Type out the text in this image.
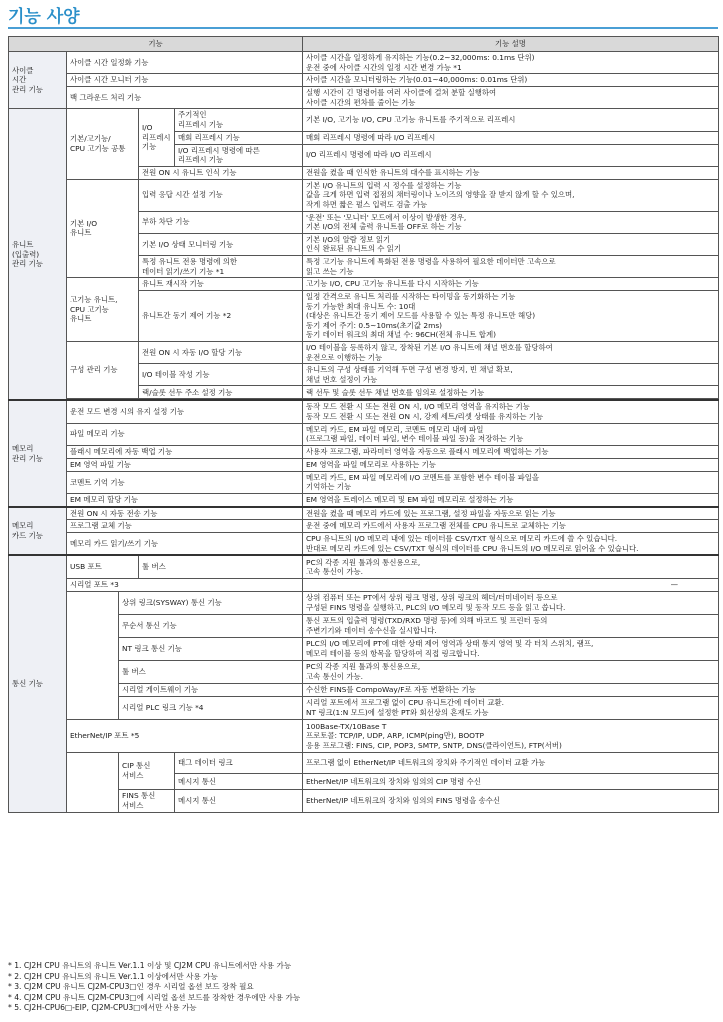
기능 사양
기능					기능 설명
사이클
시간
관리 기능	사이클 시간 일정화 기능				사이클 시간을 일정하게 유지하는 기능(0.2~32,000ms: 0.1ms 단위)
운전 중에 사이클 시간의 일정 시간 변경 가능 *1
	사이클 시간 모니터 기능				사이클 시간을 모니터링하는 기능(0.01~40,000ms: 0.01ms 단위)
	백 그라운드 처리 기능				실행 시간이 긴 명령어를 여러 사이클에 걸쳐 분할 실행하여
사이클 시간의 편차를 줄이는 기능
유니트
(입출력)
관리 기능	기본/고기능/
CPU 고기능 공통		I/O
리프레시
기능	주기적인
리프레시 기능	기본 I/O, 고기능 I/O, CPU 고기능 유니트를 주기적으로 리프레시
				매회 리프레시 기능	매회 리프레시 명령에 따라 I/O 리프레시
				I/O 리프레시 명령에 따른
리프레시 기능	I/O 리프레시 명령에 따라 I/O 리프레시
			전원 ON 시 유니트 인식 기능		전원을 켰을 때 인식한 유니트의 대수를 표시하는 기능
	기본 I/O
유니트		입력 응답 시간 설정 기능		기본 I/O 유니트의 입력 시 정수를 설정하는 기능
값을 크게 하면 입력 접점의 채터링이나 노이즈의 영향을 잘 받지 않게 할 수 있으며,
작게 하면 짧은 펄스 입력도 검출 가능
			부하 차단 기능		'운전' 또는 '모니터' 모드에서 이상이 발생한 경우,
기본 I/O의 전체 출력 유니트를 OFF로 하는 기능
			기본 I/O 상태 모니터링 기능		기본 I/O의 알람 정보 읽기
인식 완료된 유니트의 수 읽기
			특정 유니트 전용 명령에 의한
데이터 읽기/쓰기 기능 *1		특정 고기능 유니트에 특화된 전용 명령을 사용하여 필요한 데이터만 고속으로
읽고 쓰는 기능
	고기능 유니트,
CPU 고기능
유니트		유니트 재시작 기능		고기능 I/O, CPU 고기능 유니트를 다시 시작하는 기능
			유니트간 동기 제어 기능 *2		일정 간격으로 유니트 처리를 시작하는 타이밍을 동기화하는 기능
동기 가능한 최대 유니트 수: 10대
(대상은 유니트간 동기 제어 모드를 사용할 수 있는 특정 유니트만 해당)
동기 제어 주기: 0.5~10ms(초기값 2ms)
동기 데이터 워크의 최대 채널 수: 96CH(전체 유니트 합계)
	구성 관리 기능		전원 ON 시 자동 I/O 할당 기능		I/O 테이블을 등록하지 않고, 장착된 기본 I/O 유니트에 채널 번호를 할당하여
운전으로 이행하는 기능
			I/O 테이블 작성 기능		유니트의 구성 상태를 기억해 두면 구성 변경 방지, 빈 채널 확보,
채널 번호 설정이 가능
			랙/슬롯 선두 주소 설정 기능		랙 선두 및 슬롯 선두 채널 번호를 임의로 설정하는 기능

메모리
관리 기능	운전 모드 변경 시의 유지 설정 기능				동작 모드 전환 시 또는 전원 ON 시, I/O 메모리 영역을 유지하는 기능
동작 모드 전환 시 또는 전원 ON 시, 강제 세트/리셋 상태를 유지하는 기능
	파일 메모리 기능				메모리 카드, EM 파일 메모리, 코멘트 메모리 내에 파일
(프로그램 파일, 데이터 파일, 변수 테이블 파일 등)을 저장하는 기능
	플래시 메모리에 자동 백업 기능				사용자 프로그램, 파라미터 영역을 자동으로 플래시 메모리에 백업하는 기능
	EM 영역 파일 기능				EM 영역을 파일 메모리로 사용하는 기능
	코멘트 기억 기능				메모리 카드, EM 파일 메모리에 I/O 코멘트를 포함한 변수 테이블 파일을
기억하는 기능
	EM 메모리 할당 기능				EM 영역을 트레이스 메모리 및 EM 파일 메모리로 설정하는 기능
메모리
카드 기능	전원 ON 시 자동 전송 기능				전원을 켰을 때 메모리 카드에 있는 프로그램, 설정 파일을 자동으로 읽는 기능
	프로그램 교체 기능				운전 중에 메모리 카드에서 사용자 프로그램 전체를 CPU 유니트로 교체하는 기능
	메모리 카드 읽기/쓰기 기능				CPU 유니트의 I/O 메모리 내에 있는 데이터를 CSV/TXT 형식으로 메모리 카드에 쓸 수 있습니다.
반대로 메모리 카드에 있는 CSV/TXT 형식의 데이터를 CPU 유니트의 I/O 메모리로 읽어올 수 있습니다.
통신 기능	USB 포트		툴 버스		PC의 각종 지원 툴과의 통신용으로,
고속 통신이 가능.
	시리얼 포트 *3				—
		상위 링크(SYSWAY) 통신 기능			상위 컴퓨터 또는 PT에서 상위 링크 명령, 상위 링크의 헤더/터미네이터 등으로
구성된 FINS 명령을 실행하고, PLC의 I/O 메모리 및 동작 모드 등을 읽고 씁니다.
		무순서 통신 기능			통신 포트의 입출력 명령(TXD/RXD 명령 등)에 의해 바코드 및 프린터 등의
주변기기와 데이터 송수신을 실시합니다.
		NT 링크 통신 기능			PLC의 I/O 메모리에 PT에 대한 상태 제어 영역과 상태 통지 영역 및 각 터치 스위치, 램프,
메모리 테이블 등의 항목을 할당하여 직접 링크합니다.
		툴 버스			PC의 각종 지원 툴과의 통신용으로,
고속 통신이 가능.
		시리얼 게이트웨이 기능			수신한 FINS를 CompoWay/F로 자동 변환하는 기능
		시리얼 PLC 링크 기능 *4			시리얼 포트에서 프로그램 없이 CPU 유니트간에 데이터 교환.
NT 링크(1:N 모드)에 설정한 PT와 회선상의 혼재도 가능
	EtherNet/IP 포트 *5				100Base-TX/10Base T
프로토콜: TCP/IP, UDP, ARP, ICMP(ping만), BOOTP
응용 프로그램: FINS, CIP, POP3, SMTP, SNTP, DNS(클라이언트), FTP(서버)
		CIP 통신
서비스		태그 데이터 링크	프로그램 없이 EtherNet/IP 네트워크의 장치와 주기적인 데이터 교환 가능
				메시지 통신	EtherNet/IP 네트워크의 장치와 임의의 CIP 명령 수신
		FINS 통신
서비스		메시지 통신	EtherNet/IP 네트워크의 장치와 임의의 FINS 명령을 송수신
* 1. CJ2H CPU 유니트의 유니트 Ver.1.1 이상 및 CJ2M CPU 유니트에서만 사용 가능
* 2. CJ2H CPU 유니트의 유니트 Ver.1.1 이상에서만 사용 가능
* 3. CJ2M CPU 유니트 CJ2M-CPU3□인 경우 시리얼 옵션 보드 장착 필요
* 4. CJ2M CPU 유니트 CJ2M-CPU3□에 시리얼 옵션 보드를 장착한 경우에만 사용 가능
* 5. CJ2H-CPU6□-EIP, CJ2M-CPU3□에서만 사용 가능
